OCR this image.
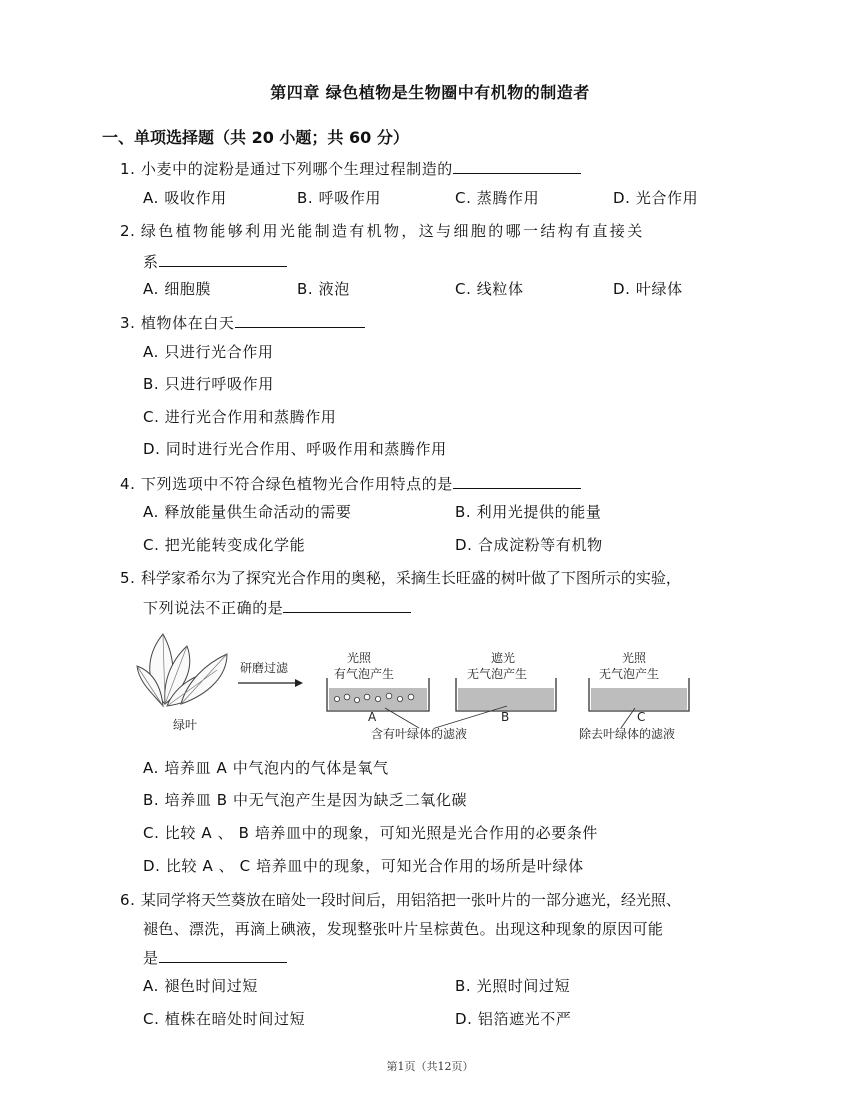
第四章 绿色植物是生物圈中有机物的制造者
一、单项选择题（共 20 小题；共 60 分）
1. 小麦中的淀粉是通过下列哪个生理过程制造的
A. 吸收作用	B. 呼吸作用	C. 蒸腾作用	D. 光合作用
2. 绿 色 植 物 能 够 利 用 光 能 制 造 有 机 物 ， 这 与 细 胞 的 哪 一 结 构 有 直 接 关
系
A. 细胞膜	B. 液泡	C. 线粒体	D. 叶绿体
3. 植物体在白天
A. 只进行光合作用
B. 只进行呼吸作用
C. 进行光合作用和蒸腾作用
D. 同时进行光合作用、呼吸作用和蒸腾作用
4. 下列选项中不符合绿色植物光合作用特点的是
A. 释放能量供生命活动的需要	B. 利用光提供的能量
C. 把光能转变成化学能	D. 合成淀粉等有机物
5. 科学家希尔为了探究光合作用的奥秘，采摘生长旺盛的树叶做了下图所示的实验，
下列说法不正确的是
绿叶
研磨过滤
光照
有气泡产生
A
遮光
无气泡产生
B
光照
无气泡产生
C
含有叶绿体的滤液	除去叶绿体的滤液
A. 培养皿 A 中气泡内的气体是氧气
B. 培养皿 B 中无气泡产生是因为缺乏二氧化碳
C. 比较 A 、 B 培养皿中的现象，可知光照是光合作用的必要条件
D. 比较 A 、 C 培养皿中的现象，可知光合作用的场所是叶绿体
6. 某同学将天竺葵放在暗处一段时间后，用铝箔把一张叶片的一部分遮光，经光照、
褪色、漂洗，再滴上碘液，发现整张叶片呈棕黄色。出现这种现象的原因可能
是
A. 褪色时间过短	B. 光照时间过短
C. 植株在暗处时间过短	D. 铝箔遮光不严
第1页（共12页）
